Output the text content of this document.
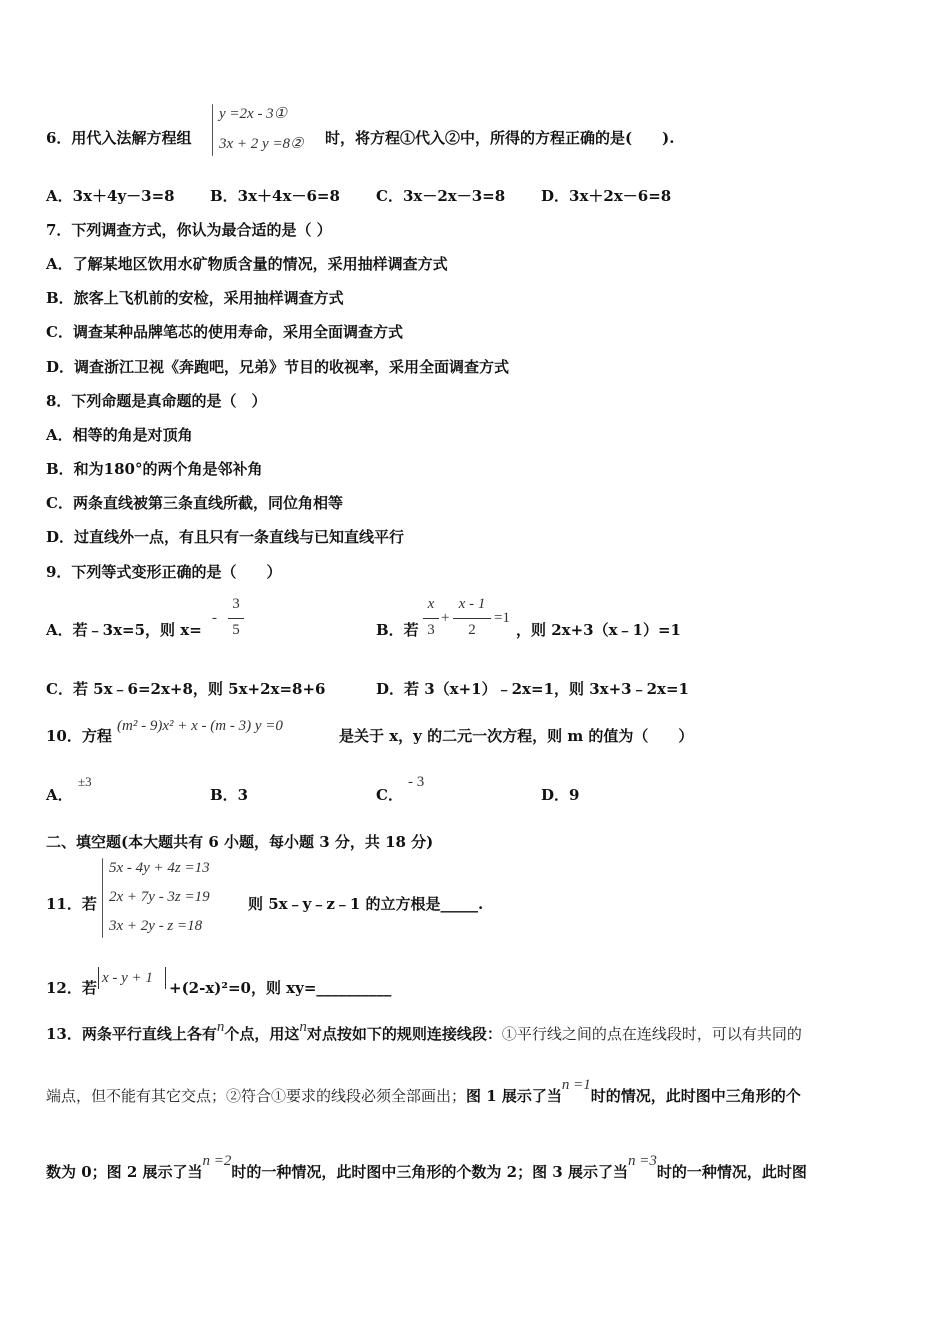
6．用代入法解方程组
y =2x - 3①
3x + 2 y =8② 时，将方程①代入②中，所得的方程正确的是(　　).
A．3x＋4y－3=8 B．3x＋4x－6=8 C．3x－2x－3=8 D．3x＋2x－6=8
7．下列调查方式，你认为最合适的是（ ）
A．了解某地区饮用水矿物质含量的情况，采用抽样调查方式
B．旅客上飞机前的安检，采用抽样调查方式
C．调查某种品牌笔芯的使用寿命，采用全面调查方式
D．调查浙江卫视《奔跑吧，兄弟》节目的收视率，采用全面调查方式
8．下列命题是真命题的是（　）
A．相等的角是对顶角
B．和为180°的两个角是邻补角
C．两条直线被第三条直线所截，同位角相等
D．过直线外一点，有且只有一条直线与已知直线平行
9．下列等式变形正确的是（　　）
A．若﹣3x=5，则 x=
-
3
5	B．若
x
3
+
x - 1
2
=1
，则 2x+3（x﹣1）=1
C．若 5x﹣6=2x+8，则 5x+2x=8+6	D．若 3（x+1）﹣2x=1，则 3x+3﹣2x=1
10．方程
(m² - 9)x² + x - (m - 3) y =0
是关于 x，y 的二元一次方程，则 m 的值为（　　）
A．
±3
B．3	C．
- 3
D．9
二、填空题(本大题共有 6 小题，每小题 3 分，共 18 分)
11．若
5x - 4y + 4z =13
2x + 7y - 3z =19
3x + 2y - z =18
则 5x﹣y﹣z﹣1 的立方根是_____.
12．若
x - y + 1
+(2-x)²=0，则 xy=__________
13．两条平行直线上各有n个点，用这n对点按如下的规则连接线段：①平行线之间的点在连线段时，可以有共同的
端点，但不能有其它交点；②符合①要求的线段必须全部画出；图 1 展示了当n =1时的情况，此时图中三角形的个
数为 0；图 2 展示了当n =2时的一种情况，此时图中三角形的个数为 2；图 3 展示了当n =3时的一种情况，此时图
